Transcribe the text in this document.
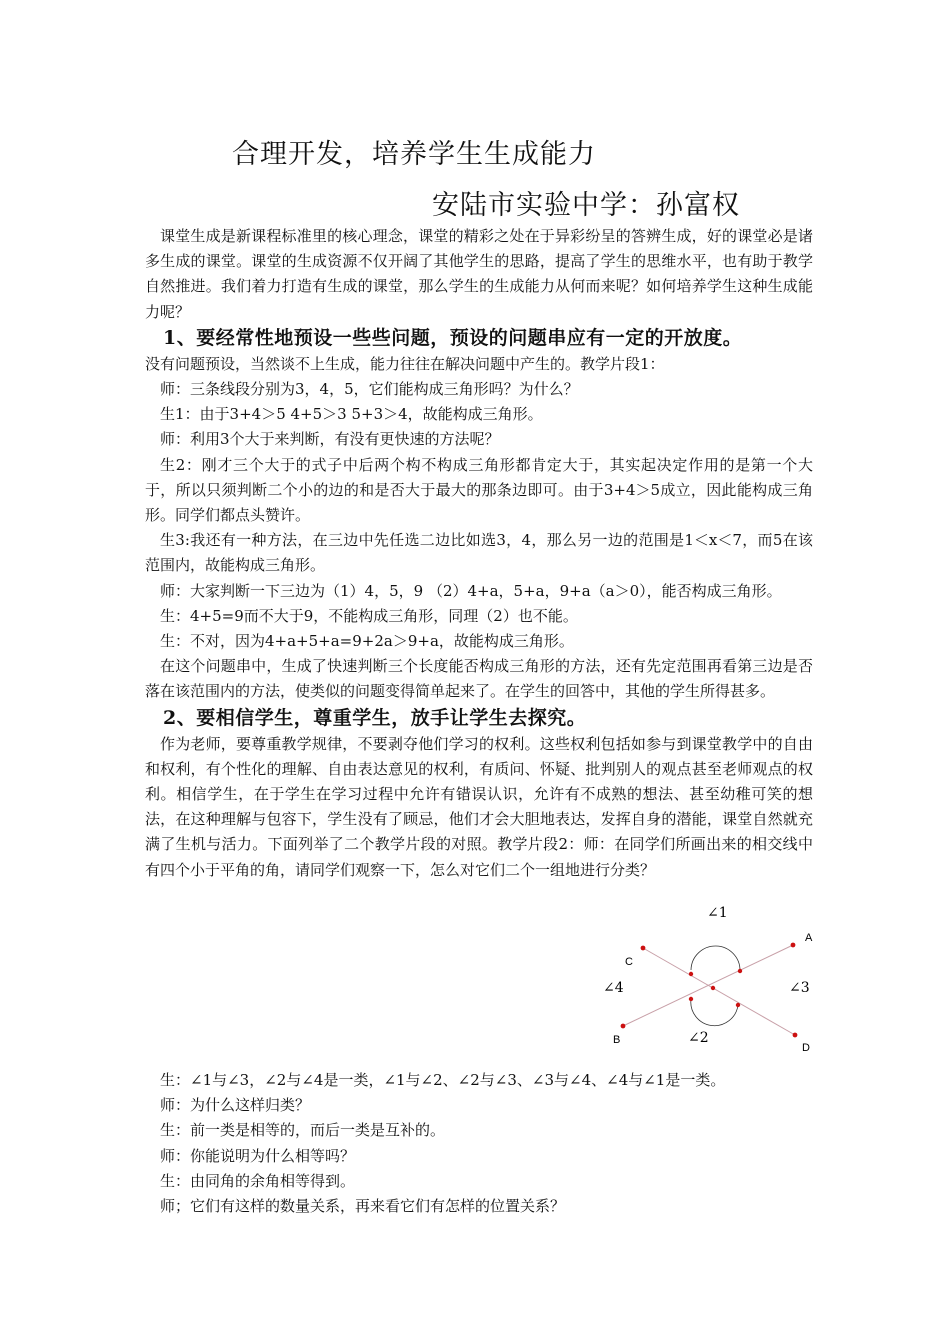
合理开发，培养学生生成能力
安陆市实验中学：孙富权

课堂生成是新课程标准里的核心理念，课堂的精彩之处在于异彩纷呈的答辨生成，好的课堂必是诸多生成的课堂。课堂的生成资源不仅开阔了其他学生的思路，提高了学生的思维水平，也有助于教学自然推进。我们着力打造有生成的课堂，那么学生的生成能力从何而来呢？如何培养学生这种生成能力呢？

1、要经常性地预设一些些问题，预设的问题串应有一定的开放度。

没有问题预设，当然谈不上生成，能力往往在解决问题中产生的。教学片段1：

师：三条线段分别为3，4，5，它们能构成三角形吗？为什么？

生1：由于3+4＞5 4+5＞3 5+3＞4，故能构成三角形。

师：利用3个大于来判断，有没有更快速的方法呢？

生2：刚才三个大于的式子中后两个构不构成三角形都肯定大于，其实起决定作用的是第一个大于，所以只须判断二个小的边的和是否大于最大的那条边即可。由于3+4＞5成立，因此能构成三角形。同学们都点头赞许。

生3:我还有一种方法，在三边中先任选二边比如选3，4，那么另一边的范围是1＜x＜7，而5在该范围内，故能构成三角形。

师：大家判断一下三边为（1）4，5，9 （2）4+a，5+a，9+a（a＞0），能否构成三角形。

生：4+5=9而不大于9，不能构成三角形，同理（2）也不能。

生：不对，因为4+a+5+a=9+2a＞9+a，故能构成三角形。

在这个问题串中，生成了快速判断三个长度能否构成三角形的方法，还有先定范围再看第三边是否落在该范围内的方法，使类似的问题变得简单起来了。在学生的回答中，其他的学生所得甚多。

2、要相信学生，尊重学生，放手让学生去探究。

作为老师，要尊重教学规律，不要剥夺他们学习的权利。这些权利包括如参与到课堂教学中的自由和权利，有个性化的理解、自由表达意见的权利，有质问、怀疑、批判别人的观点甚至老师观点的权利。相信学生，在于学生在学习过程中允许有错误认识，允许有不成熟的想法、甚至幼稚可笑的想法，在这种理解与包容下，学生没有了顾忌，他们才会大胆地表达，发挥自身的潜能，课堂自然就充满了生机与活力。下面列举了二个教学片段的对照。教学片段2：师：在同学们所画出来的相交线中有四个小于平角的角，请同学们观察一下，怎么对它们二个一组地进行分类？

∠1
A
C
∠4	∠3
B	∠2
D

生：∠1与∠3，∠2与∠4是一类，∠1与∠2、∠2与∠3、∠3与∠4、∠4与∠1是一类。

师：为什么这样归类？

生：前一类是相等的，而后一类是互补的。

师：你能说明为什么相等吗？

生：由同角的余角相等得到。

师；它们有这样的数量关系，再来看它们有怎样的位置关系？
